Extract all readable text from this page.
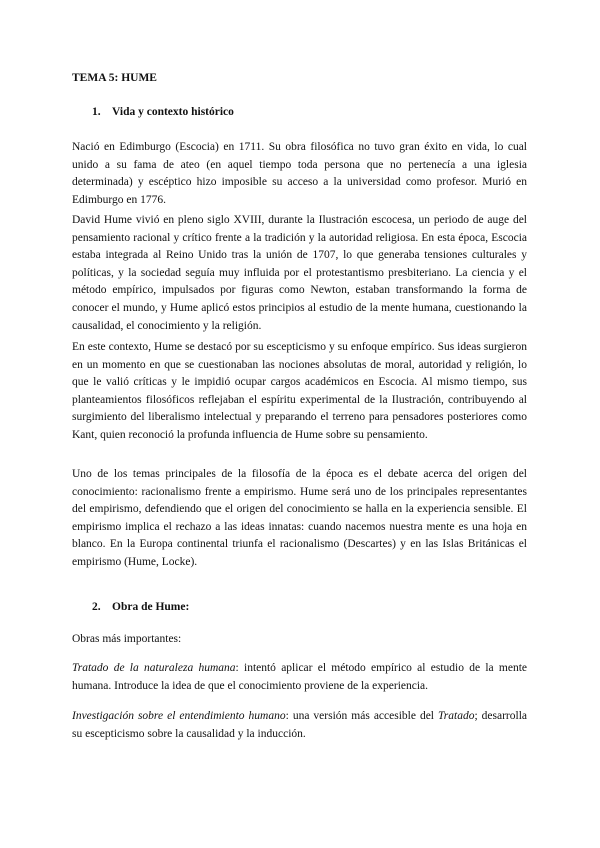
TEMA 5: HUME
1. Vida y contexto histórico

Nació en Edimburgo (Escocia) en 1711. Su obra filosófica no tuvo gran éxito en vida, lo cual unido a su fama de ateo (en aquel tiempo toda persona que no pertenecía a una iglesia determinada) y escéptico hizo imposible su acceso a la universidad como profesor. Murió en Edimburgo en 1776.

David Hume vivió en pleno siglo XVIII, durante la Ilustración escocesa, un periodo de auge del pensamiento racional y crítico frente a la tradición y la autoridad religiosa. En esta época, Escocia estaba integrada al Reino Unido tras la unión de 1707, lo que generaba tensiones culturales y políticas, y la sociedad seguía muy influida por el protestantismo presbiteriano. La ciencia y el método empírico, impulsados por figuras como Newton, estaban transformando la forma de conocer el mundo, y Hume aplicó estos principios al estudio de la mente humana, cuestionando la causalidad, el conocimiento y la religión.

En este contexto, Hume se destacó por su escepticismo y su enfoque empírico. Sus ideas surgieron en un momento en que se cuestionaban las nociones absolutas de moral, autoridad y religión, lo que le valió críticas y le impidió ocupar cargos académicos en Escocia. Al mismo tiempo, sus planteamientos filosóficos reflejaban el espíritu experimental de la Ilustración, contribuyendo al surgimiento del liberalismo intelectual y preparando el terreno para pensadores posteriores como Kant, quien reconoció la profunda influencia de Hume sobre su pensamiento.

Uno de los temas principales de la filosofía de la época es el debate acerca del origen del conocimiento: racionalismo frente a empirismo. Hume será uno de los principales representantes del empirismo, defendiendo que el origen del conocimiento se halla en la experiencia sensible. El empirismo implica el rechazo a las ideas innatas: cuando nacemos nuestra mente es una hoja en blanco. En la Europa continental triunfa el racionalismo (Descartes) y en las Islas Británicas el empirismo (Hume, Locke).

2. Obra de Hume:

Obras más importantes:

Tratado de la naturaleza humana: intentó aplicar el método empírico al estudio de la mente humana. Introduce la idea de que el conocimiento proviene de la experiencia.

Investigación sobre el entendimiento humano: una versión más accesible del Tratado; desarrolla su escepticismo sobre la causalidad y la inducción.
